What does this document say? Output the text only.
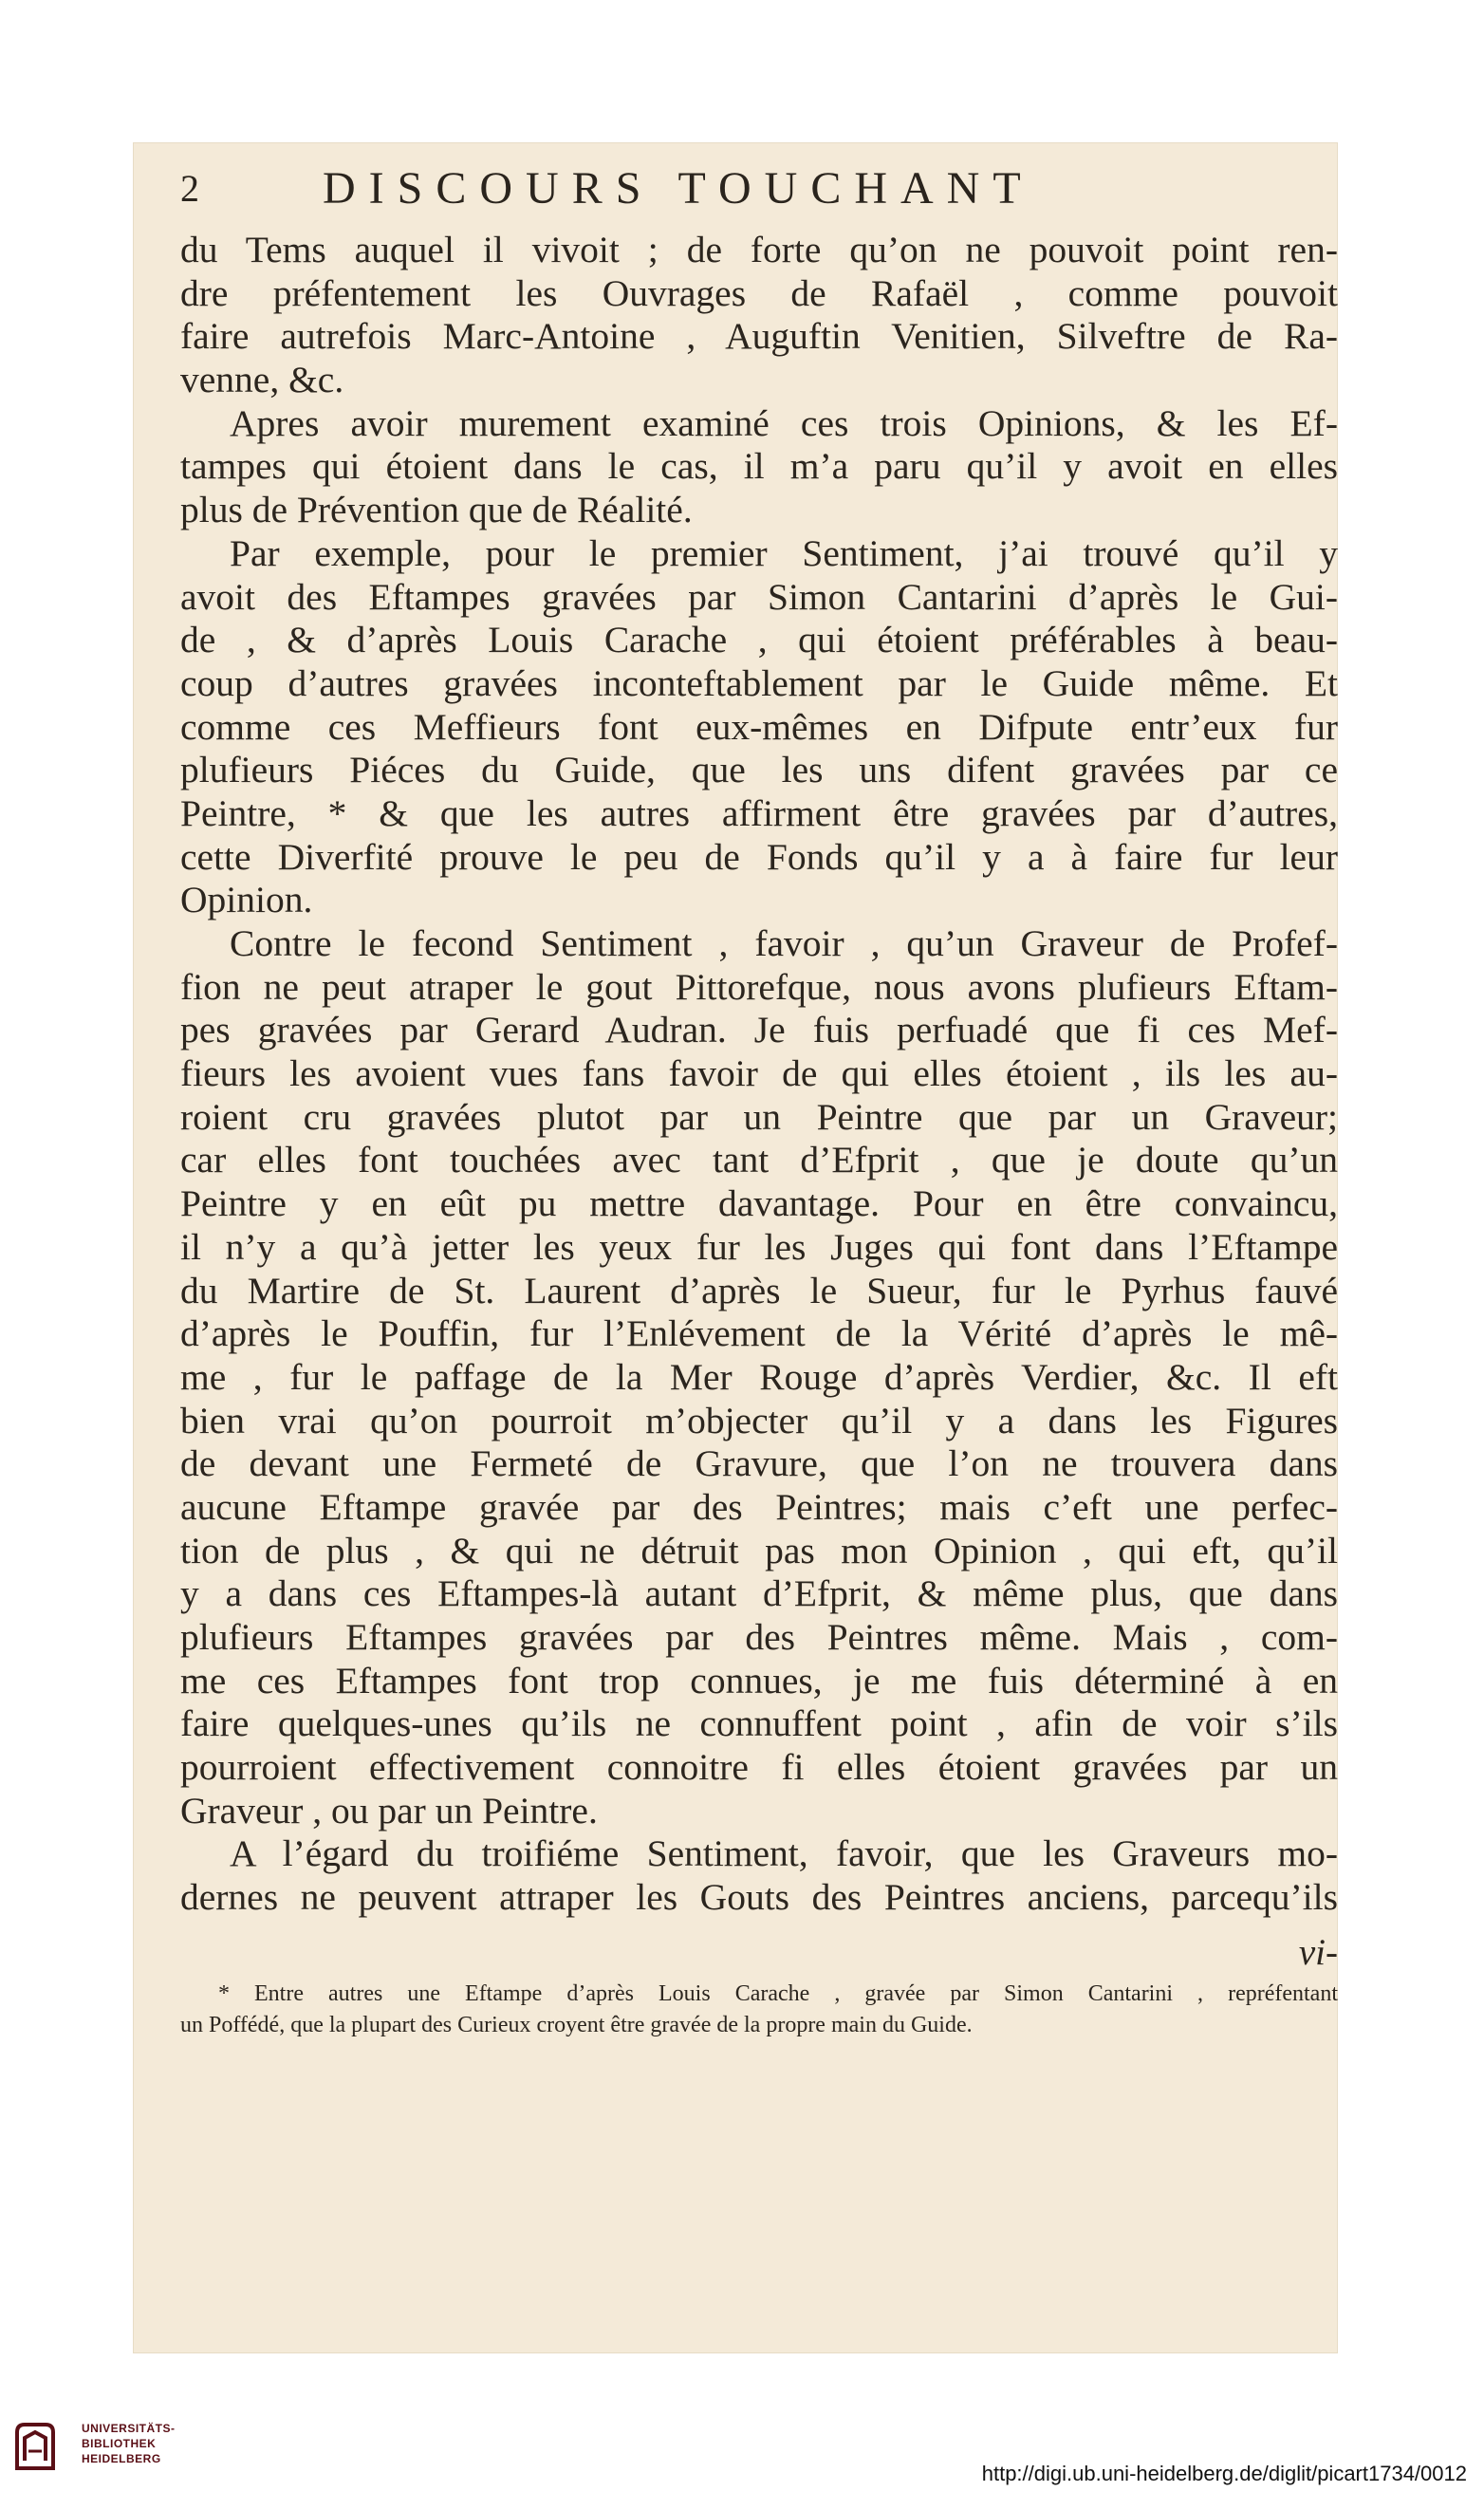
2	DISCOURS TOUCHANT
du Tems auquel il vivoit ; de forte qu’on ne pouvoit point ren-
dre préfentement les Ouvrages de Rafaël , comme pouvoit
faire autrefois Marc-Antoine , Auguftin Venitien, Silveftre de Ra-
venne, &c.
Apres avoir murement examiné ces trois Opinions, & les Ef-
tampes qui étoient dans le cas, il m’a paru qu’il y avoit en elles
plus de Prévention que de Réalité.
Par exemple, pour le premier Sentiment, j’ai trouvé qu’il y
avoit des Eftampes gravées par Simon Cantarini d’après le Gui-
de , & d’après Louis Carache , qui étoient préférables à beau-
coup d’autres gravées inconteftablement par le Guide même. Et
comme ces Meffieurs font eux-mêmes en Difpute entr’eux fur
plufieurs Piéces du Guide, que les uns difent gravées par ce
Peintre, * & que les autres affirment être gravées par d’autres,
cette Diverfité prouve le peu de Fonds qu’il y a à faire fur leur
Opinion.
Contre le fecond Sentiment , favoir , qu’un Graveur de Profef-
fion ne peut atraper le gout Pittorefque, nous avons plufieurs Eftam-
pes gravées par Gerard Audran. Je fuis perfuadé que fi ces Mef-
fieurs les avoient vues fans favoir de qui elles étoient , ils les au-
roient cru gravées plutot par un Peintre que par un Graveur;
car elles font touchées avec tant d’Efprit , que je doute qu’un
Peintre y en eût pu mettre davantage. Pour en être convaincu,
il n’y a qu’à jetter les yeux fur les Juges qui font dans l’Eftampe
du Martire de St. Laurent d’après le Sueur, fur le Pyrhus fauvé
d’après le Pouffin, fur l’Enlévement de la Vérité d’après le mê-
me , fur le paffage de la Mer Rouge d’après Verdier, &c. Il eft
bien vrai qu’on pourroit m’objecter qu’il y a dans les Figures
de devant une Fermeté de Gravure, que l’on ne trouvera dans
aucune Eftampe gravée par des Peintres; mais c’eft une perfec-
tion de plus , & qui ne détruit pas mon Opinion , qui eft, qu’il
y a dans ces Eftampes-là autant d’Efprit, & même plus, que dans
plufieurs Eftampes gravées par des Peintres même. Mais , com-
me ces Eftampes font trop connues, je me fuis déterminé à en
faire quelques-unes qu’ils ne connuffent point , afin de voir s’ils
pourroient effectivement connoitre fi elles étoient gravées par un
Graveur , ou par un Peintre.
A l’égard du troifiéme Sentiment, favoir, que les Graveurs mo-
dernes ne peuvent attraper les Gouts des Peintres anciens, parcequ’ils
vi-
* Entre autres une Eftampe d’après Louis Carache , gravée par Simon Cantarini , repréfentant
un Poffédé, que la plupart des Curieux croyent être gravée de la propre main du Guide.
UNIVERSITÄTS-
BIBLIOTHEK
HEIDELBERG
http://digi.ub.uni-heidelberg.de/diglit/picart1734/0012
